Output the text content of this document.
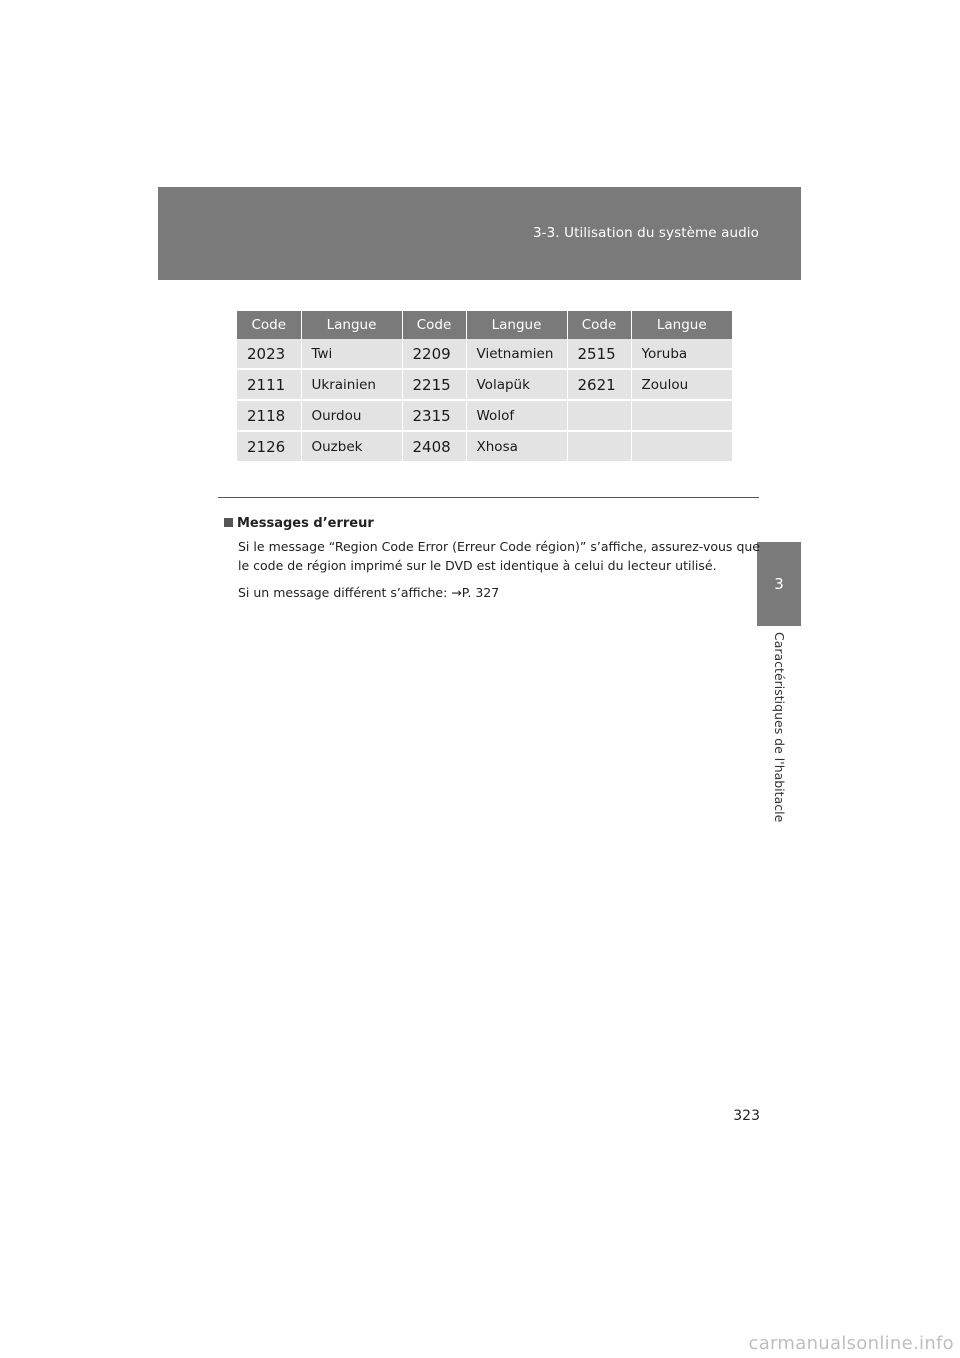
3-3. Utilisation du système audio
3
Caractéristiques de l'habitacle
Code	Langue	Code	Langue	Code	Langue
2023	Twi	2209	Vietnamien	2515	Yoruba
2111	Ukrainien	2215	Volapük	2621	Zoulou
2118	Ourdou	2315	Wolof		
2126	Ouzbek	2408	Xhosa		
Messages d’erreur

Si le message “Region Code Error (Erreur Code région)” s’affiche, assurez-vous que le code de région imprimé sur le DVD est identique à celui du lecteur utilisé.

Si un message différent s’affiche: →P. 327

323
carmanualsonline.info
